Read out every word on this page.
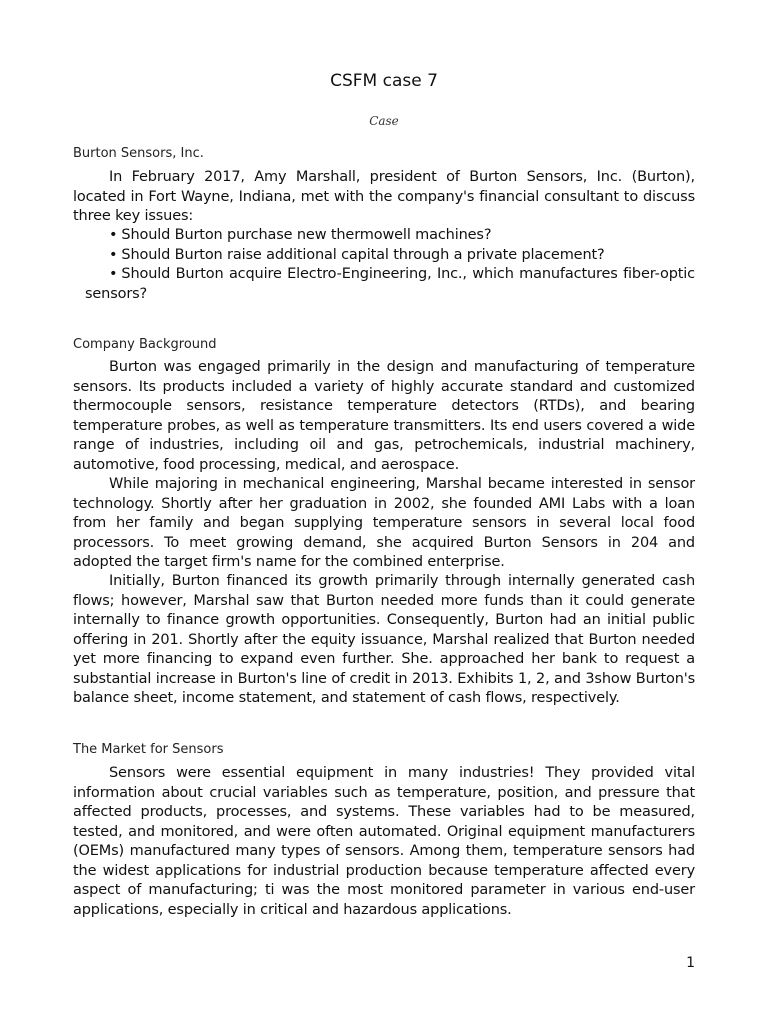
CSFM case 7
Case
Burton Sensors, Inc.

In February 2017, Amy Marshall, president of Burton Sensors, Inc. (Burton), located in Fort Wayne, Indiana, met with the company's financial consultant to discuss three key issues:

• Should Burton purchase new thermowell machines?
• Should Burton raise additional capital through a private placement?
• Should Burton acquire Electro-Engineering, Inc., which manufactures fiber-optic sensors?
Company Background

Burton was engaged primarily in the design and manufacturing of temperature sensors. Its products included a variety of highly accurate standard and customized thermocouple sensors, resistance temperature detectors (RTDs), and bearing temperature probes, as well as temperature transmitters. Its end users covered a wide range of industries, including oil and gas, petrochemicals, industrial machinery, automotive, food processing, medical, and aerospace.

While majoring in mechanical engineering, Marshal became interested in sensor technology. Shortly after her graduation in 2002, she founded AMI Labs with a loan from her family and began supplying temperature sensors in several local food processors. To meet growing demand, she acquired Burton Sensors in 204 and adopted the target firm's name for the combined enterprise.

Initially, Burton financed its growth primarily through internally generated cash flows; however, Marshal saw that Burton needed more funds than it could generate internally to finance growth opportunities. Consequently, Burton had an initial public offering in 201. Shortly after the equity issuance, Marshal realized that Burton needed yet more financing to expand even further. She. approached her bank to request a substantial increase in Burton's line of credit in 2013. Exhibits 1, 2, and 3show Burton's balance sheet, income statement, and statement of cash flows, respectively.

The Market for Sensors

Sensors were essential equipment in many industries! They provided vital information about crucial variables such as temperature, position, and pressure that affected products, processes, and systems. These variables had to be measured, tested, and monitored, and were often automated. Original equipment manufacturers (OEMs) manufactured many types of sensors. Among them, temperature sensors had the widest applications for industrial production because temperature affected every aspect of manufacturing; ti was the most monitored parameter in various end-user applications, especially in critical and hazardous applications.

1
